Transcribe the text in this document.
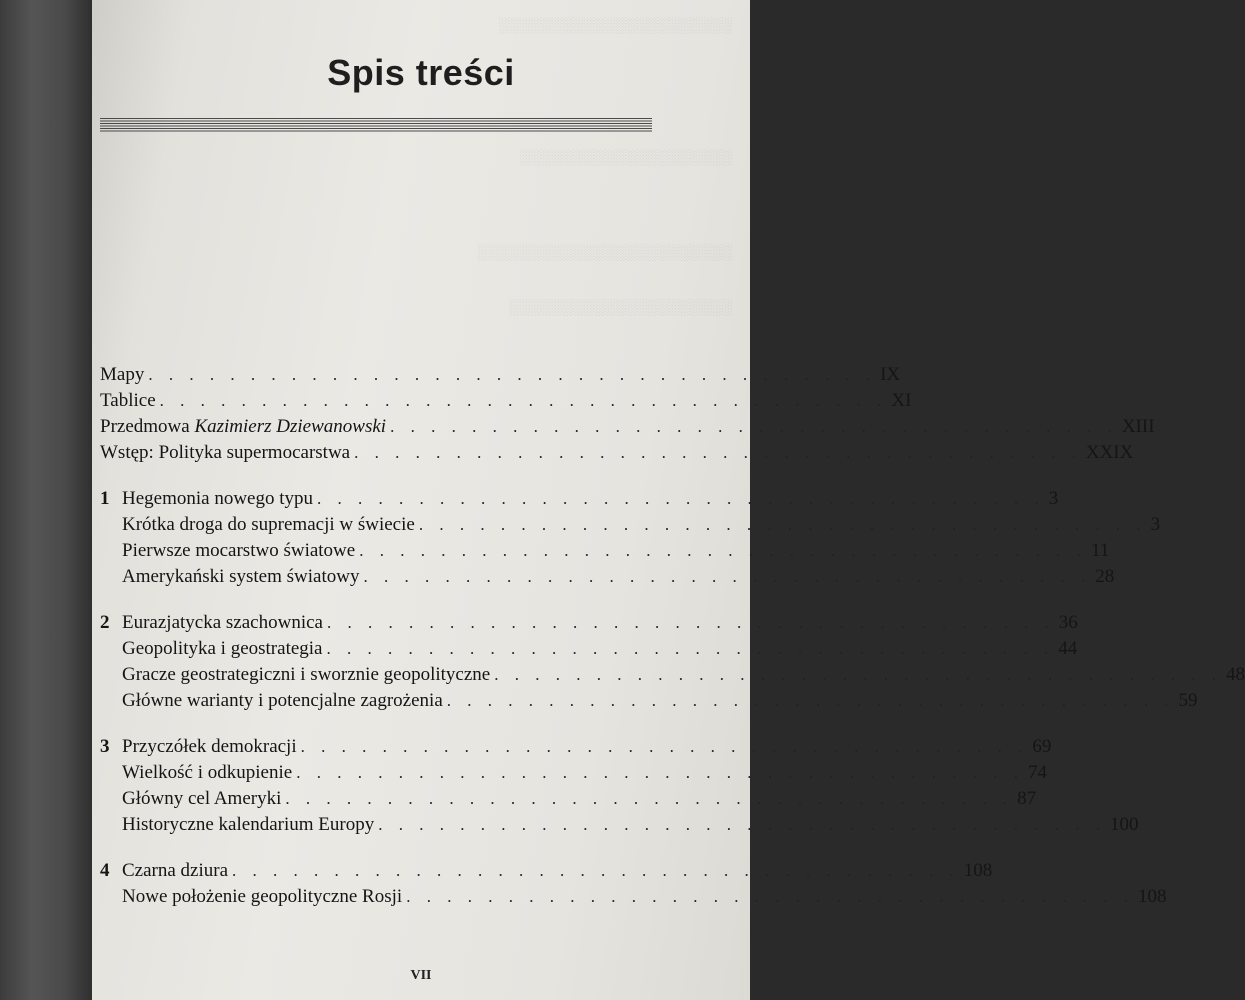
░░░░░░░░░░░░░░░░░░░░░░
░░░░░░░░░░░░░░░░░░░░
░░░░░░░░░░░░░░░░░░░░░░░░
░░░░░░░░░░░░░░░░░░░░░
Spis treści
Mapy . . . . . . . . . . . . . . . . . . . . . . . . . . . . . . . . . . . . IX
Tablice . . . . . . . . . . . . . . . . . . . . . . . . . . . . . . . . . . . . XI
Przedmowa
Kazimierz Dziewanowski . . . . . . . . . . . . . . . . . . . . . . . . . . . . . . . . . . . . XIII
Wstęp: Polityka supermocarstwa . . . . . . . . . . . . . . . . . . . . . . . . . . . . . . . . . . . . XXIX
1 Hegemonia nowego typu . . . . . . . . . . . . . . . . . . . . . . . . . . . . . . . . . . . . 3
Krótka droga do supremacji w świecie . . . . . . . . . . . . . . . . . . . . . . . . . . . . . . . . . . . . 3
Pierwsze mocarstwo światowe . . . . . . . . . . . . . . . . . . . . . . . . . . . . . . . . . . . . 11
Amerykański system światowy . . . . . . . . . . . . . . . . . . . . . . . . . . . . . . . . . . . . 28
2 Eurazjatycka szachownica . . . . . . . . . . . . . . . . . . . . . . . . . . . . . . . . . . . . 36
Geopolityka i geostrategia . . . . . . . . . . . . . . . . . . . . . . . . . . . . . . . . . . . . 44
Gracze geostrategiczni i sworznie geopolityczne . . . . . . . . . . . . . . . . . . . . . . . . . . . . . . . . . . . . 48
Główne warianty i potencjalne zagrożenia . . . . . . . . . . . . . . . . . . . . . . . . . . . . . . . . . . . . 59
3 Przyczółek demokracji . . . . . . . . . . . . . . . . . . . . . . . . . . . . . . . . . . . . 69
Wielkość i odkupienie . . . . . . . . . . . . . . . . . . . . . . . . . . . . . . . . . . . . 74
Główny cel Ameryki . . . . . . . . . . . . . . . . . . . . . . . . . . . . . . . . . . . . 87
Historyczne kalendarium Europy . . . . . . . . . . . . . . . . . . . . . . . . . . . . . . . . . . . . 100
4 Czarna dziura . . . . . . . . . . . . . . . . . . . . . . . . . . . . . . . . . . . . 108
Nowe położenie geopolityczne Rosji . . . . . . . . . . . . . . . . . . . . . . . . . . . . . . . . . . . . 108
VII
